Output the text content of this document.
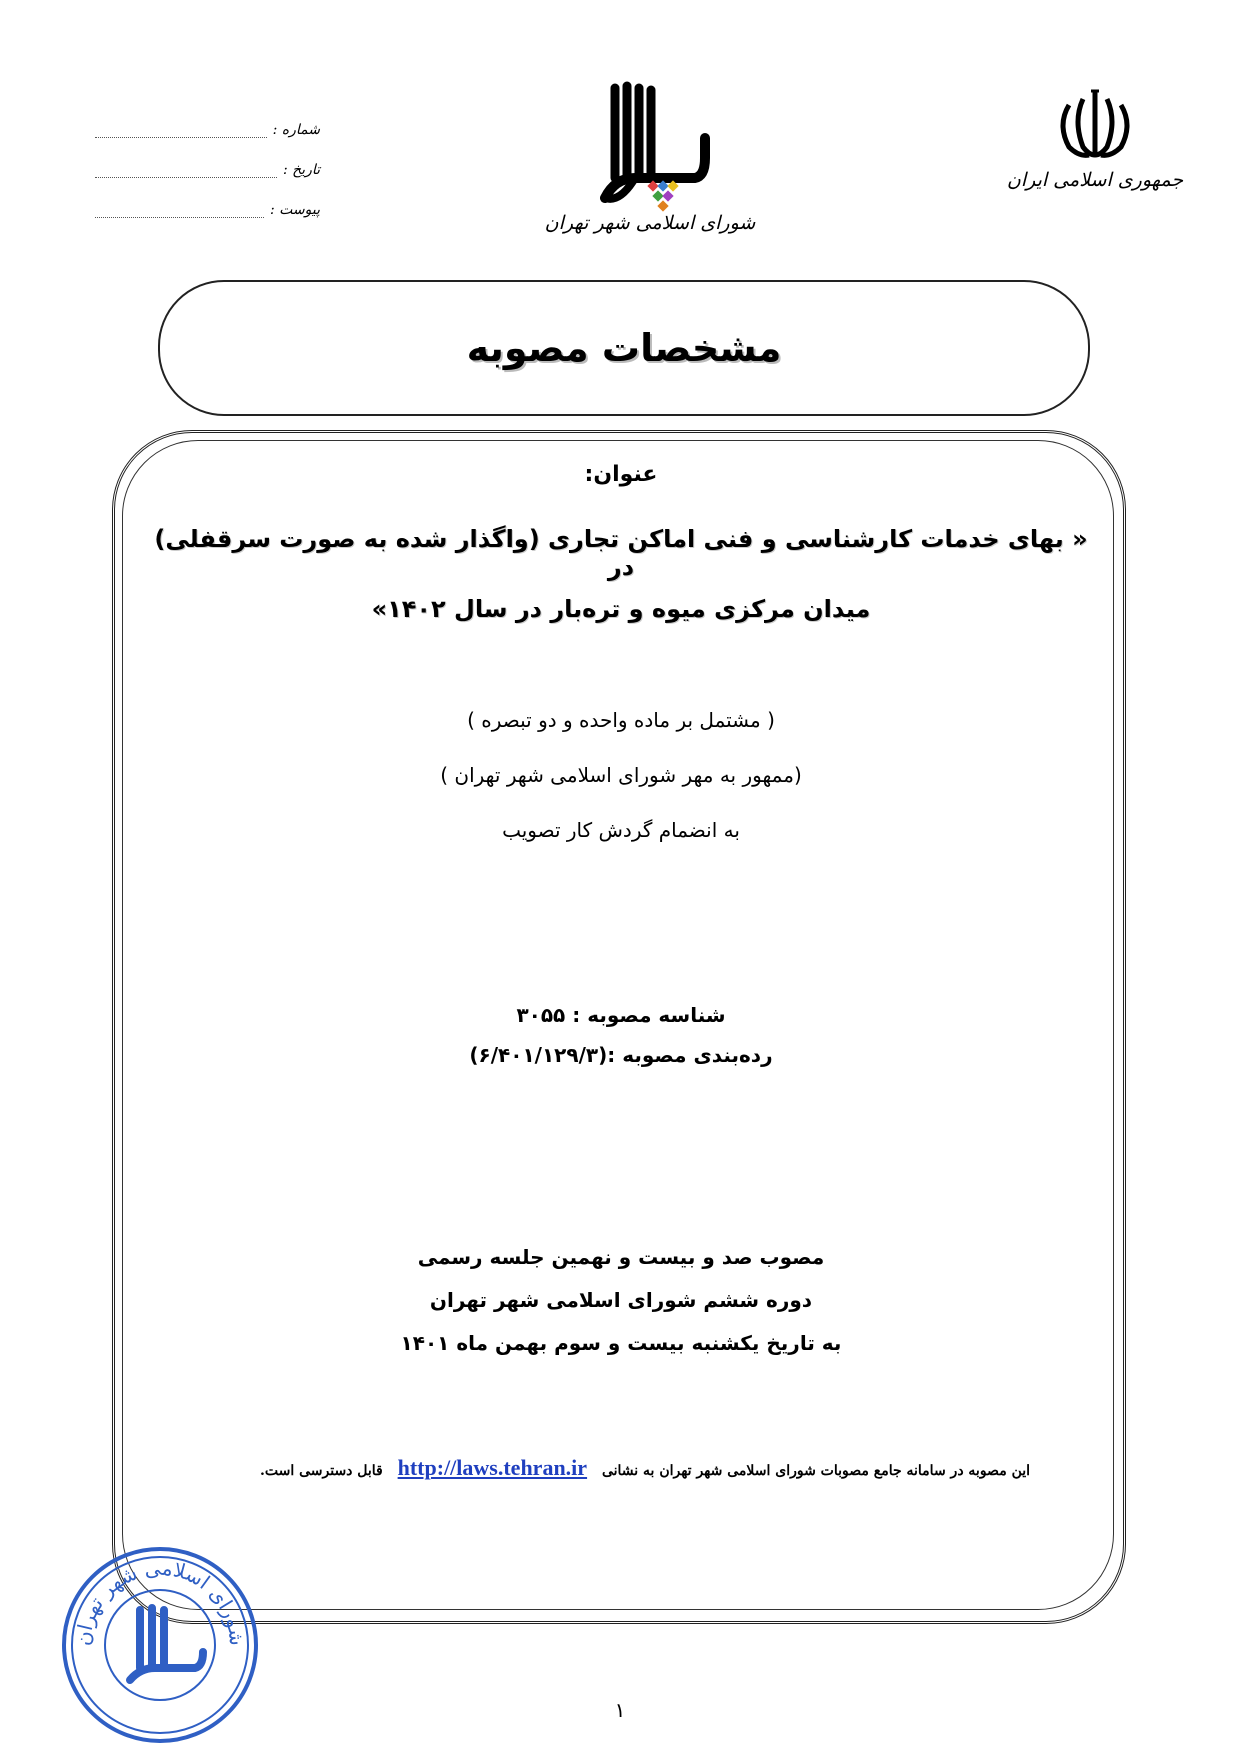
جمهوری اسلامی ایران
شورای اسلامی شهر تهران
شماره :
تاریخ :
پیوست :
مشخصات مصوبه
عنوان:
« بهای خدمات کارشناسی و فنی اماکن تجاری (واگذار شده به صورت سرقفلی) در
میدان مرکزی میوه و تره‌بار در سال ۱۴۰۲»
( مشتمل بر ماده واحده و دو تبصره )
(ممهور به مهر شورای اسلامی شهر تهران )
به انضمام گردش کار تصویب
شناسه مصوبه : ۳۰۵۵
رده‌بندی مصوبه :(۶/۴۰۱/۱۲۹/۳)
مصوب صد و بیست و نهمین جلسه رسمی
دوره ششم شورای اسلامی شهر تهران
به تاریخ یکشنبه بیست و سوم بهمن ماه ۱۴۰۱
این مصوبه در سامانه جامع مصوبات شورای اسلامی شهر تهران به نشانی http://laws.tehran.ir قابل دسترسی است.
شورای اسلامی شهر تهران
۱
